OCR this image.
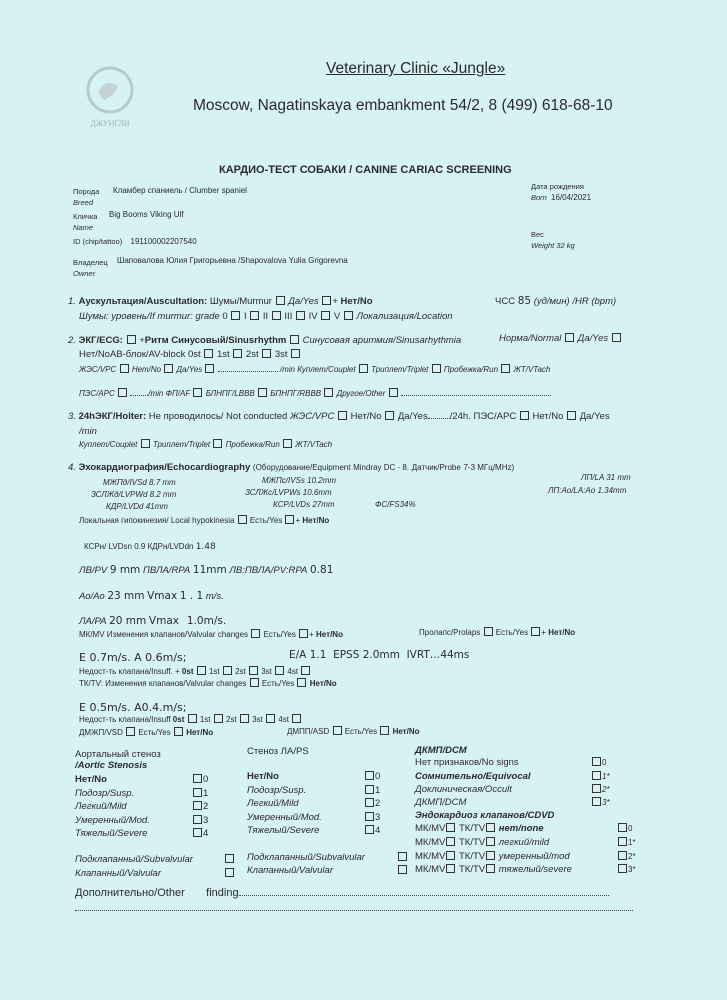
ДЖУНГЛИ
Veterinary Clinic «Jungle»
Moscow, Nagatinskaya embankment 54/2, 8 (499) 618-68-10
КАРДИО-ТЕСТ СОБАКИ / CANINE CARIAC SCREENING
Порода
Breed
Кламбер спаниель / Clumber spaniel	Дата рождения
Born 16/04/2021
Кличка
Name
Big Booms Viking Ulf
Вес
Weight 32 kg
ID (chip/tattoo) 191100002207540
Владелец
Owner
Шаповалова Юлия Григорьевна /Shapovalova Yulia Grigorevna
1. Аускультация/Auscultation: Шумы/Murmur Да/Yes + Нет/No	ЧСС 85 (уд/мин) /HR (bpm)
Шумы: уровень/If murmur: grade 0 I II III IV V Локализация/Location
2. ЭКГ/ECG: +Ритм Синусовый/Sinusrhythm Синусовая аритмия/Sinusarhythmia	Норма/Normal Да/Yes
Нет/NoAB-блок/AV-block 0st 1st 2st 3st
ЖЭС/VPC Нет/No Да/Yes	/min Куплет/Couplet Триплет/Triplet Пробежка/Run ЖТ/VTach
ПЭС/APC	/min ФП/AF БЛНПГ/LBBB БПНПГ/RBBB Другое/Other
3. 24hЭКГ/Holter: Не проводилось/ Not conducted ЖЭС/VPC Нет/No Да/Yes /24h. ПЭС/APC Нет/No Да/Yes
/min
Куплет/Couplet Триплет/Triplet Пробежка/Run ЖТ/VTach
4. Эхокардиография/Echocardiography (Оборудование/Equipment Mindray DC - 8. Датчик/Probe 7-3 МГц/MHz)
МЖПд/IVSd 8.7 mm	МЖПс/IVSs 10.2mm	ЛП/LA 31 mm
ЗСЛЖд/LVPWd 8.2 mm	ЗСЛЖс/LVPWs 10.6mm	ЛП:Ао/LA:Ao 1.34mm
КДР/LVDd 41mm	КСР/LVDs 27mm	ФС/FS34%
Локальная гипокинезия/ Local hypokinesia Есть/Yes + Нет/No
КСРн/ LVDsn 0.9 КДРн/LVDdn 1.48
ЛВ/PV 9 mm ПВЛА/RPA 11mm ЛВ:ПВЛА/PV:RPA 0.81
Ао/Ао 23 mm Vmax 1 . 1 m/s.
ЛА/PA 20 mm Vmax 1.0m/s.
МК/MV Изменения клапанов/Valvular changes Есть/Yes + Нет/No	Пролапс/Prolaps Есть/Yes + Нет/No
E 0.7m/s. A 0.6m/s;	E/A 1.1 EPSS 2.0mm IVRT…44ms
Недост-ть клапана/Insuff. + 0st 1st 2st 3st 4st
ТК/TV: Изменения клапанов/Valvular changes Есть/Yes Нет/No
E 0.5m/s. A0.4.m/s;
Недост-ть клапана/Insuff 0st 1st 2st 3st 4st
ДМЖП/VSD Есть/Yes Нет/No	ДМПП/ASD Есть/Yes Нет/No
Аортальный стеноз
/Aortic Stenosis
Нет/No	0
Подозр/Susp.	1
Легкий/Mild	2
Умеренный/Mod.	3
Тяжелый/Severe	4
Подклапанный/Subvalvular
Клапанный/Valvular
Стеноз ЛА/PS
Нет/No	0
Подозр/Susp.	1
Легкий/Mild	2
Умеренный/Mod.	3
Тяжелый/Severe	4
Подклапанный/Subvalvular
Клапанный/Valvular
ДКМП/DCM
Нет признаков/No signs	0
Сомнительно/Equivocal	1*
Доклиническая/Occult	2*
ДКМП/DCM	3*
Эндокардиоз клапанов/CDVD
МК/MV ТК/TV нет/none	0
МК/MV ТК/TV легкий/mild	1*
МК/MV ТК/TV умеренный/mod	2*
МК/MV ТК/TV тяжелый/severe	3*
Дополнительно/Other finding
